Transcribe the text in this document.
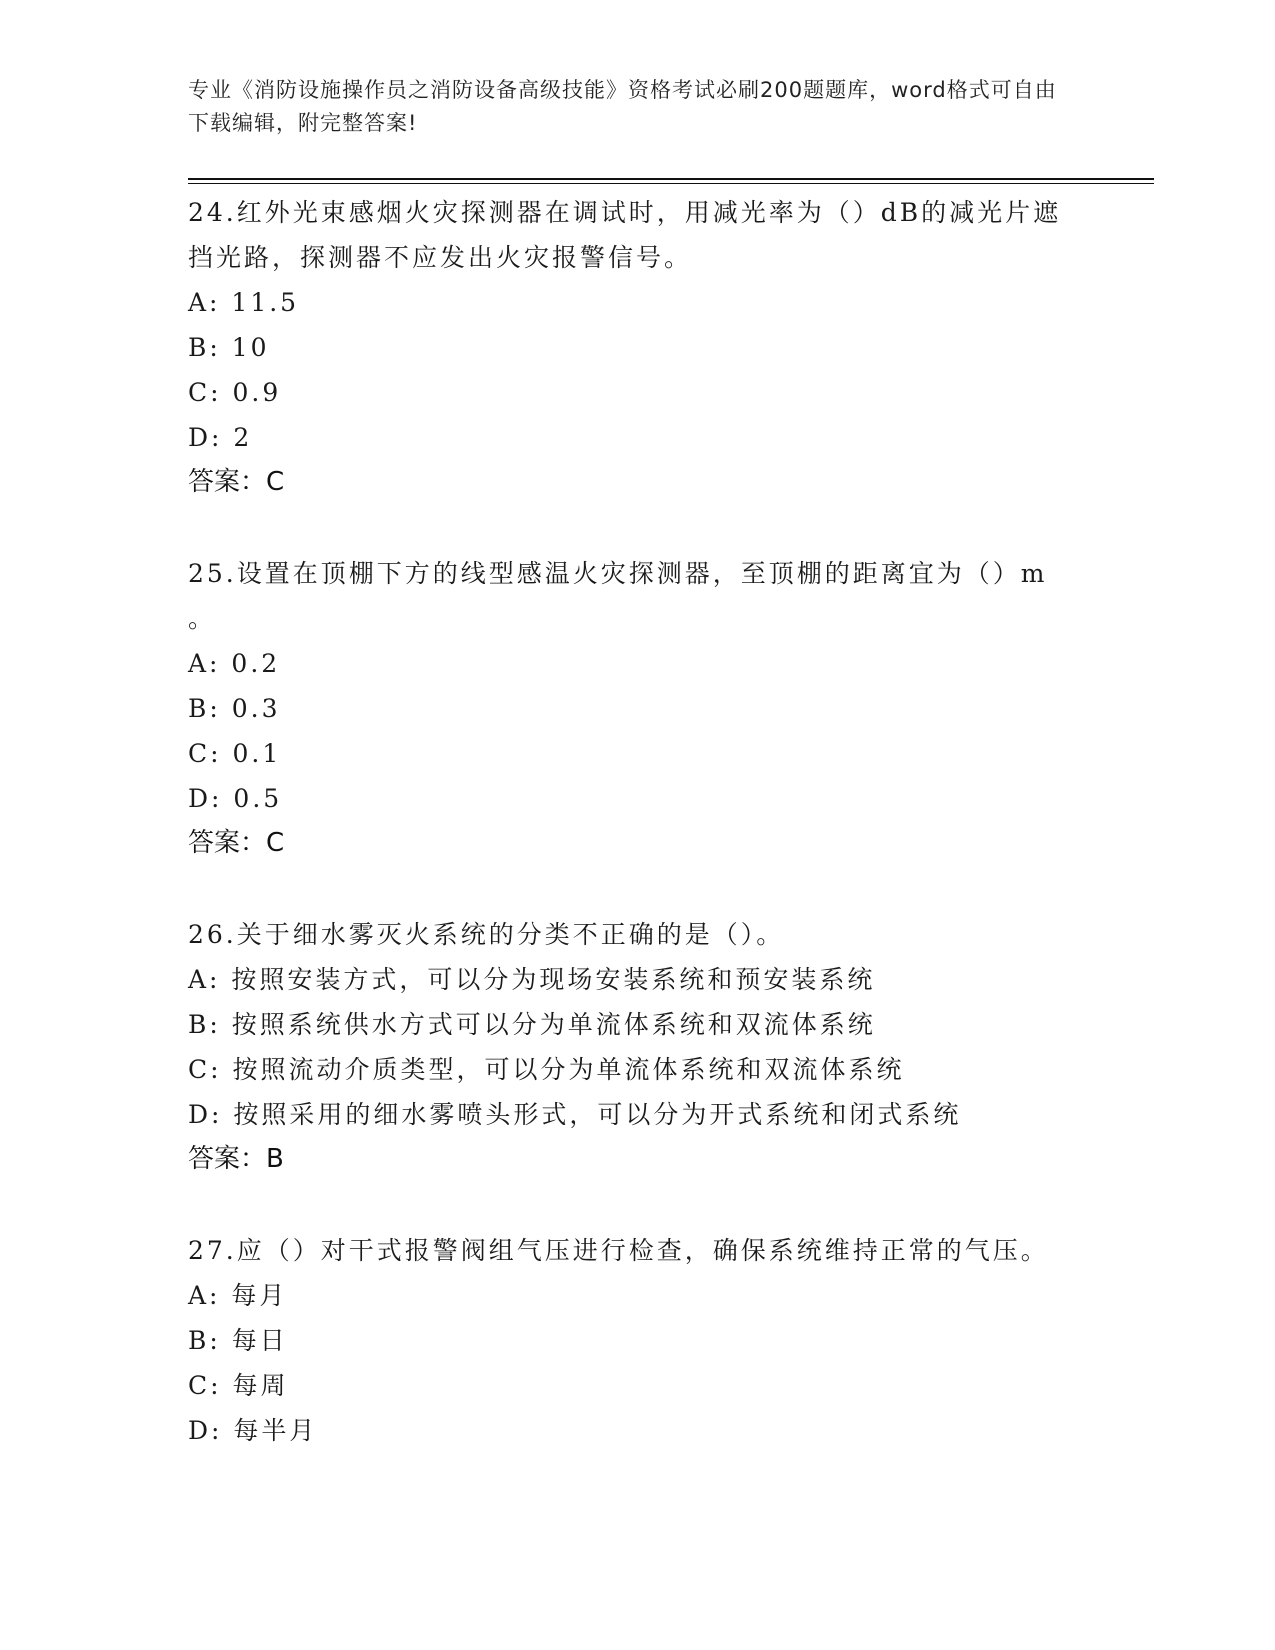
专业《消防设施操作员之消防设备高级技能》资格考试必刷200题题库，word格式可自由下载编辑，附完整答案!

24.红外光束感烟火灾探测器在调试时，用减光率为（）dB的减光片遮

挡光路，探测器不应发出火灾报警信号。

A: 11.5

B: 10

C: 0.9

D: 2

答案：C

25.设置在顶棚下方的线型感温火灾探测器，至顶棚的距离宜为（）m

。

A: 0.2

B: 0.3

C: 0.1

D: 0.5

答案：C

26.关于细水雾灭火系统的分类不正确的是（）。

A: 按照安装方式，可以分为现场安装系统和预安装系统

B: 按照系统供水方式可以分为单流体系统和双流体系统

C: 按照流动介质类型，可以分为单流体系统和双流体系统

D: 按照采用的细水雾喷头形式，可以分为开式系统和闭式系统

答案：B

27.应（）对干式报警阀组气压进行检查，确保系统维持正常的气压。

A: 每月

B: 每日

C: 每周

D: 每半月
